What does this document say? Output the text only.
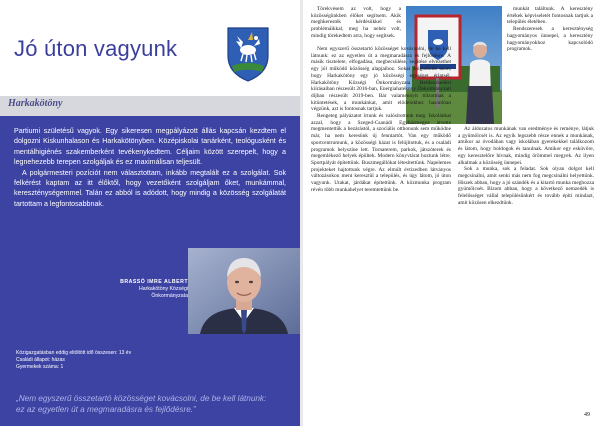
Jó úton vagyunk
Harkakötöny

Partiumi születésű vagyok. Egy sikeresen megpályázott állás kapcsán kezdtem el dolgozni Kiskunhalason és Harkakötönyben. Középiskolai tanárként, teológusként és mentálhigiénés szakemberként tevékenykedtem. Céljaim között szerepelt, hogy a legnehezebb terepen szolgáljak és ez maximálisan teljesült.

A polgármesteri pozíciót nem választottam, inkább megtalált ez a szolgálat. Sok felkérést kaptam az itt élőktől, hogy vezetőként szolgáljam őket, munkámmal, kereszténységemmel. Talán ez abból is adódott, hogy mindig a közösség szolgálatát tartottam a legfontosabbnak.

BRASSÓ IMRE ALBERT
Harkakötöny Községi
Önkormányzata
Közigazgatásban eddig eltöltött idő összesen: 13 év
Családi állapot: házas
Gyermekek száma: 1

„Nem egyszerű összetartó közösséget kovácsolni, de be kell látnunk: ez az egyetlen út a megmaradásra és fejlődésre.”

Törekvésem az volt, hogy a közösségünkben élőket segítsem. Akik meghkeresték kérdésükkel és problémáikkal, meg ha nehéz volt, mindig törekedtem arra, hogy segítsek.

munkát találtunk. A keresztény értékek képviseletét fontosnak tartjuk a település életében.

Rendszeresek a kereszténység hagyományos ünnepei, a keresztény hagyományokhoz kapcsolódó programok.

Nem egyszerű összetartó közösséget kovácsolni, de be kell látnunk: ez az egyetlen út a megmaradásra és fejlődésre. A másik tisztelete, elfogadása, megbecsülése, segítése elvezethet egy jól működő közösség alapjaihoz. Sokat dolgoztunk azon, hogy Harkakötöny egy jó közösségi egységet érintsél. Harkakötöny Községi Önkormányzata Beilleszkedési kiírásaiban részesült 2016-ban, Energiahatékony Önkormányzati díjban részesült 2019-ben. Bár valamennyit túlzottnak a kitüntetések, a munkánkat, amit elődeinkhez hasonlóan végzünk, azt is fontosnak tartjuk.

Rengeteg pályázatot írtunk és valósítottunk meg. Iskolánkat azzal, hogy a Szeged-Csanádi Egyházmegye átvette megmentettük a bezárástól, a szociális otthonunk sem működne már, ha nem keresünk új fenntartót. Van egy működő sportcentrumunk, a közösségi házat is felújítottuk, és a családi programok helyszíne lett. Tornaterem, parkok, játszóterek és megemlékező helyek épültek. Modern könyvtárat hoztunk létre. Sportpályát építettünk. Buszmegállókat létesítettünk. Napelemes projekteket hajtottunk végre. Az elmúlt évtizedben látványos változásokon ment keresztül a település, és úgy látom, jó úton vagyunk. Utakat, járdákat építettünk. A közmunka program révén több munkahelyet teremtettünk be.

Az áldozatos munkának van eredménye és reménye, látjuk a gyümölcsét is. Az egyik legszebb része ennek a munkának, amikor az óvodában vagy iskolában gyerekekkel találkozom és látom, hogy boldogok és tanulnak. Amikor egy esküvőre, egy keresztelőre hívnak, mindig örömmel megyek. Az ilyen alkalmak a közösség ünnepei.

Sok a munka, sok a feladat. Sok olyan dolgot kell megcsinálni, amit senki más nem fog megcsinálni helyettünk. Hiszek abban, hogy a jó szándék és a kitartó munka meghozza gyümölcsét. Bízom abban, hogy a következő nemzedék is felelősséget vállal településünkért és tovább építi mindazt, amit közösen elkezdtünk.

49
